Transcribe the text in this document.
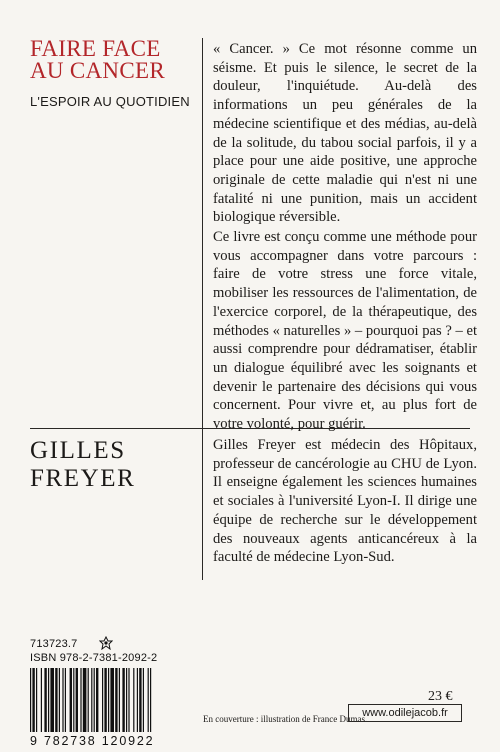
FAIRE FACE
AU CANCER
L'ESPOIR AU QUOTIDIEN

« Cancer. » Ce mot résonne comme un séisme. Et puis le silence, le secret de la douleur, l'inquiétude. Au-delà des informations un peu générales de la médecine scientifique et des médias, au-delà de la solitude, du tabou social parfois, il y a place pour une aide positive, une approche originale de cette maladie qui n'est ni une fatalité ni une punition, mais un accident biologique réversible.

Ce livre est conçu comme une méthode pour vous accompagner dans votre parcours : faire de votre stress une force vitale, mobiliser les ressources de l'alimentation, de l'exercice corporel, de la thérapeutique, des méthodes « naturelles » – pourquoi pas ? – et aussi comprendre pour dédramatiser, établir un dialogue équilibré avec les soignants et devenir le partenaire des décisions qui vous concernent. Pour vivre et, au plus fort de votre volonté, pour guérir.

GILLES
FREYER

Gilles Freyer est médecin des Hôpitaux, professeur de cancérologie au CHU de Lyon. Il enseigne également les sciences humaines et sociales à l'université Lyon-I. Il dirige une équipe de recherche sur le développement des nouveaux agents anticancéreux à la faculté de médecine Lyon-Sud.

713723.7
ISBN 978-2-7381-2092-2
9 782738 120922
23 €
En couverture : illustration de France Dumas.
www.odilejacob.fr
